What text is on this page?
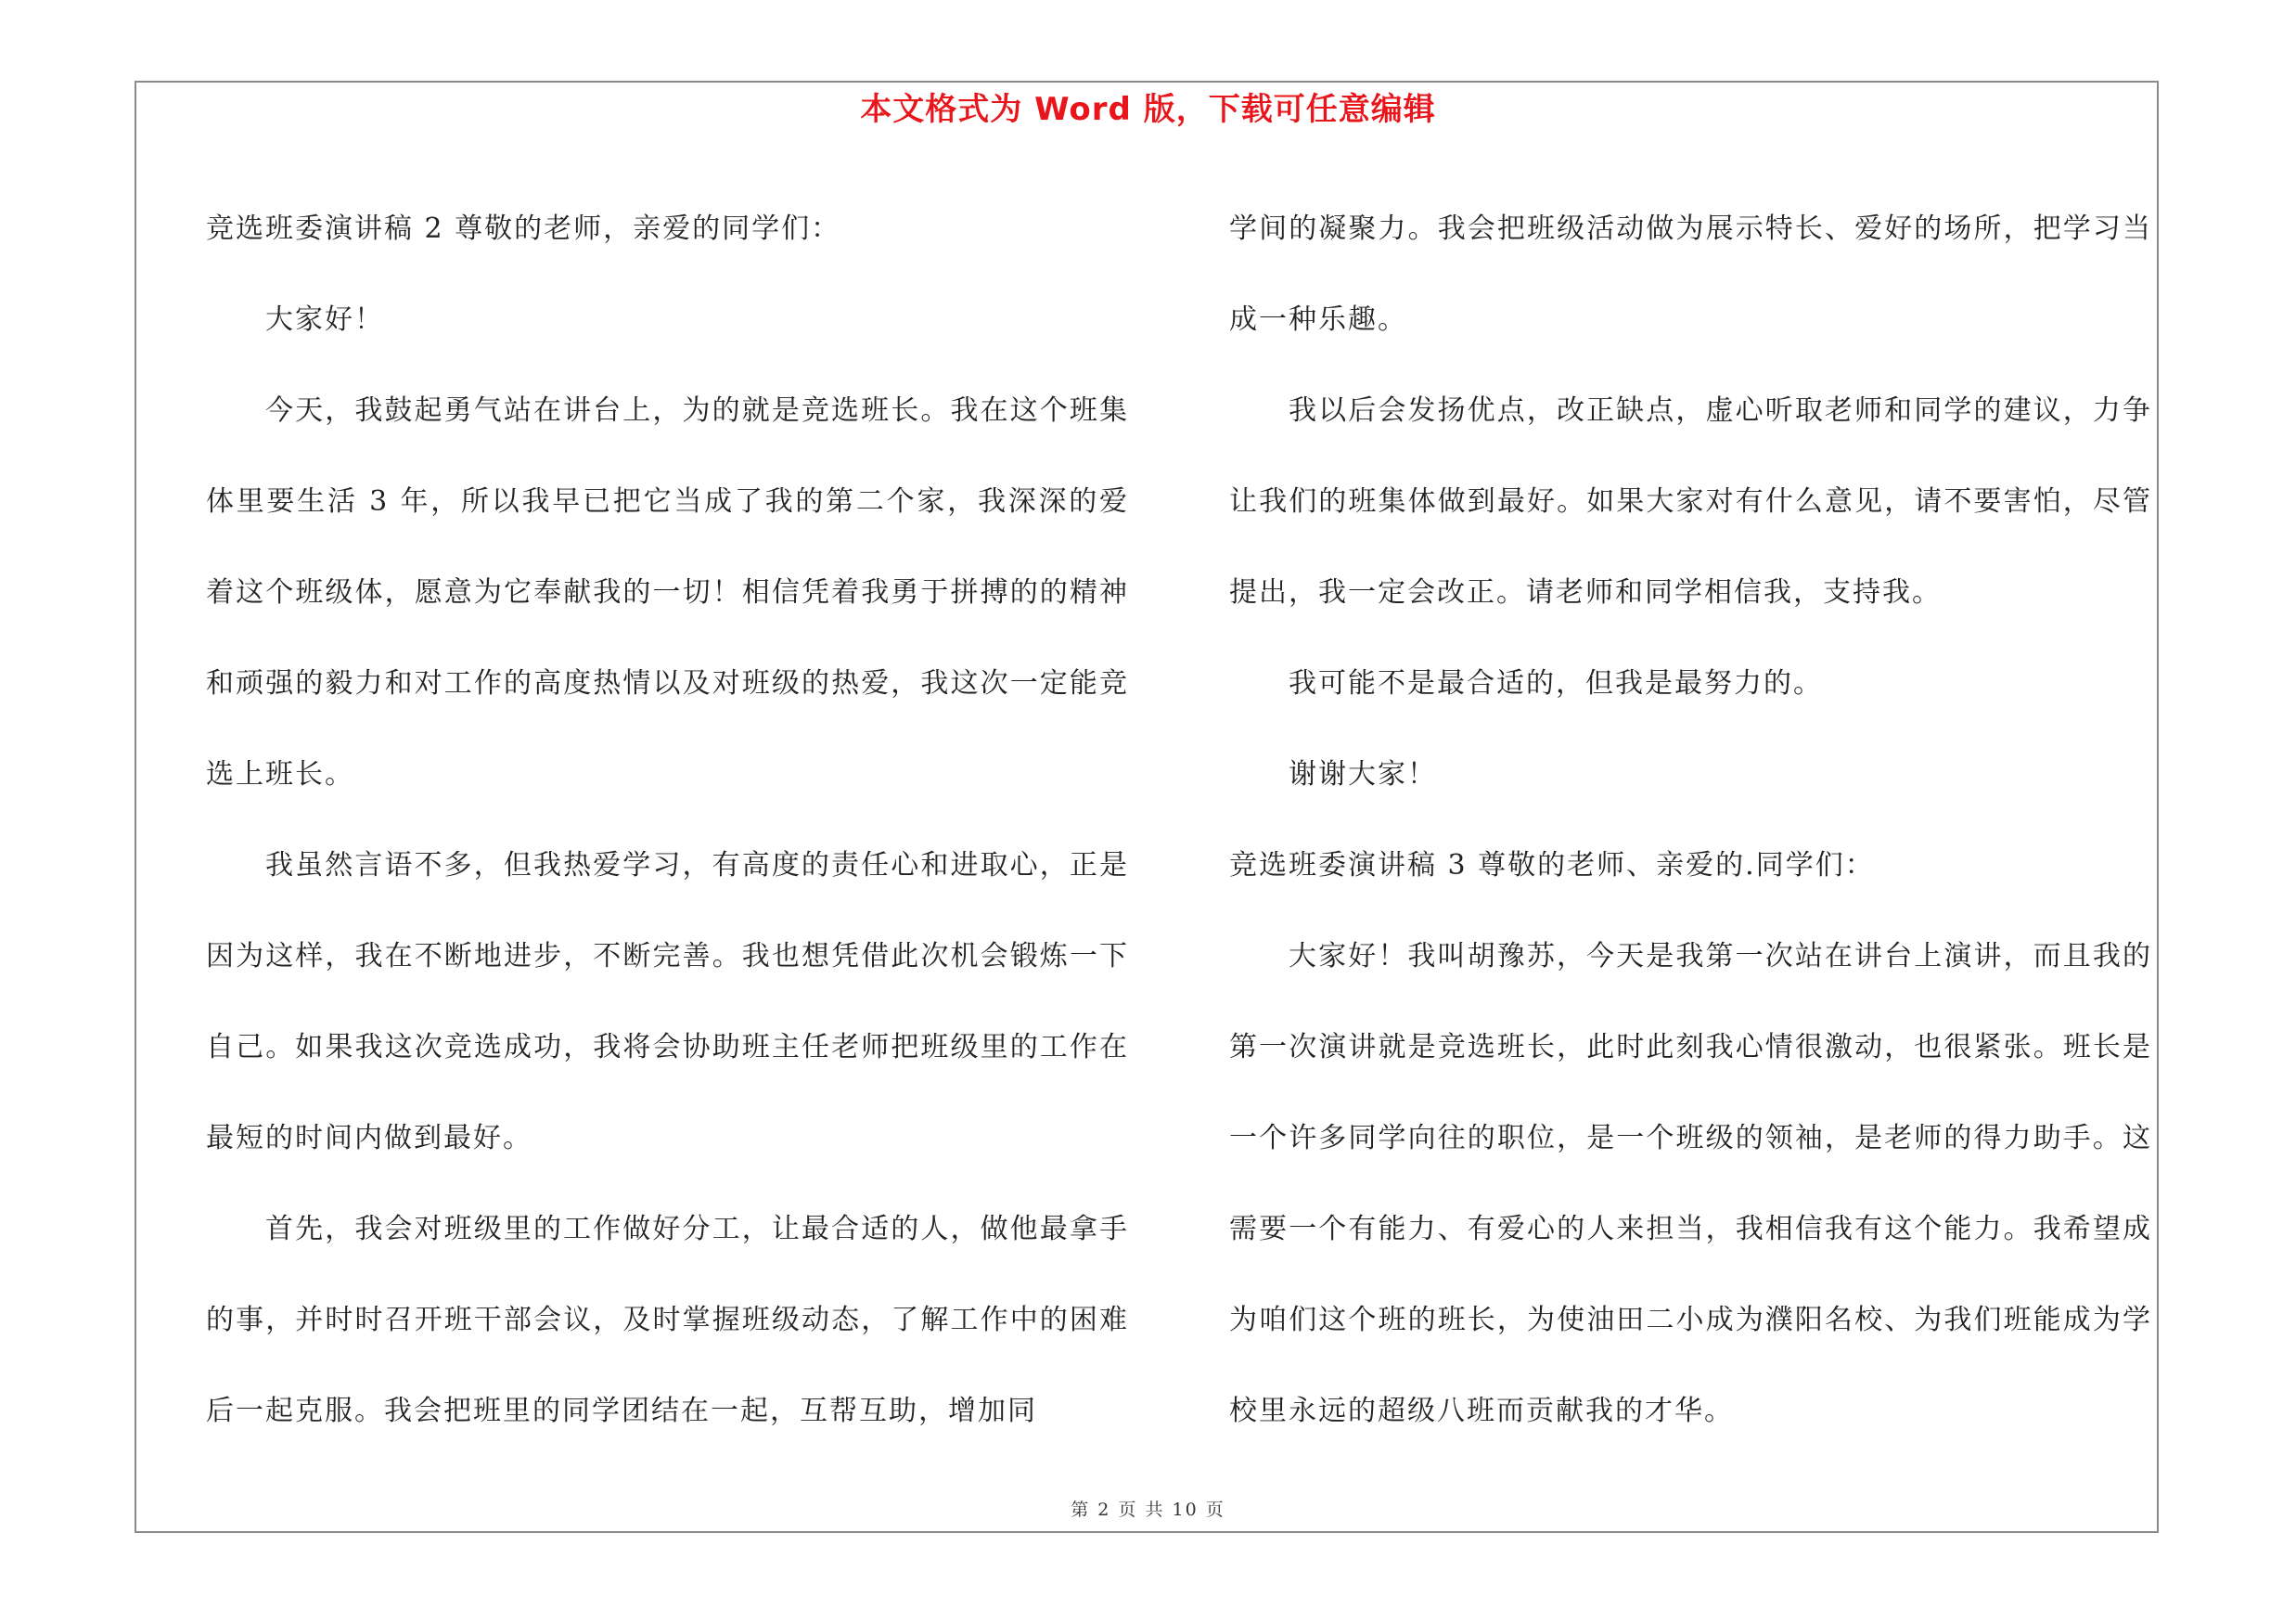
本文格式为 Word 版，下载可任意编辑

竞选班委演讲稿 2 尊敬的老师，亲爱的同学们：

大家好！

今天，我鼓起勇气站在讲台上，为的就是竞选班长。我在这个班集体里要生活 3 年，所以我早已把它当成了我的第二个家，我深深的爱着这个班级体，愿意为它奉献我的一切！相信凭着我勇于拼搏的的精神和顽强的毅力和对工作的高度热情以及对班级的热爱，我这次一定能竞选上班长。

我虽然言语不多，但我热爱学习，有高度的责任心和进取心，正是因为这样，我在不断地进步，不断完善。我也想凭借此次机会锻炼一下自己。如果我这次竞选成功，我将会协助班主任老师把班级里的工作在最短的时间内做到最好。

首先，我会对班级里的工作做好分工，让最合适的人，做他最拿手的事，并时时召开班干部会议，及时掌握班级动态，了解工作中的困难后一起克服。我会把班里的同学团结在一起，互帮互助，增加同

学间的凝聚力。我会把班级活动做为展示特长、爱好的场所，把学习当成一种乐趣。

我以后会发扬优点，改正缺点，虚心听取老师和同学的建议，力争让我们的班集体做到最好。如果大家对有什么意见，请不要害怕，尽管提出，我一定会改正。请老师和同学相信我，支持我。

我可能不是最合适的，但我是最努力的。

谢谢大家！

竞选班委演讲稿 3 尊敬的老师、亲爱的.同学们：

大家好！我叫胡豫苏，今天是我第一次站在讲台上演讲，而且我的第一次演讲就是竞选班长，此时此刻我心情很激动，也很紧张。班长是一个许多同学向往的职位，是一个班级的领袖，是老师的得力助手。这需要一个有能力、有爱心的人来担当，我相信我有这个能力。我希望成为咱们这个班的班长，为使油田二小成为濮阳名校、为我们班能成为学校里永远的超级八班而贡献我的才华。

第 2 页 共 10 页
